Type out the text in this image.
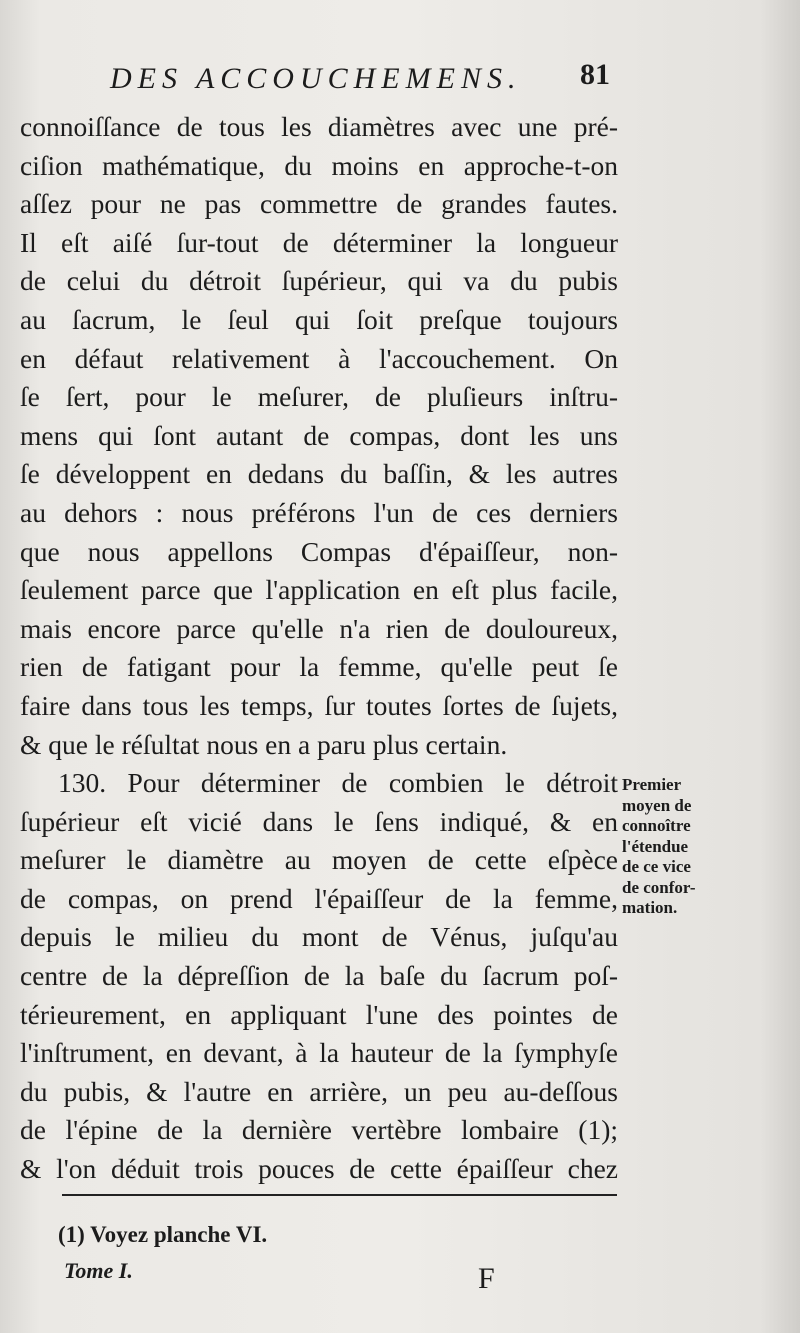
DES ACCOUCHEMENS. 81
connoiſſance de tous les diamètres avec une pré-
ciſion mathématique, du moins en approche-t-on
aſſez pour ne pas commettre de grandes fautes.
Il eſt aiſé ſur-tout de déterminer la longueur
de celui du détroit ſupérieur, qui va du pubis
au ſacrum, le ſeul qui ſoit preſque toujours
en défaut relativement à l'accouchement. On
ſe ſert, pour le meſurer, de pluſieurs inſtru-
mens qui ſont autant de compas, dont les uns
ſe développent en dedans du baſſin, & les autres
au dehors : nous préférons l'un de ces derniers
que nous appellons Compas d'épaiſſeur, non-
ſeulement parce que l'application en eſt plus facile,
mais encore parce qu'elle n'a rien de douloureux,
rien de fatigant pour la femme, qu'elle peut ſe
faire dans tous les temps, ſur toutes ſortes de ſujets,
& que le réſultat nous en a paru plus certain.
130. Pour déterminer de combien le détroit
ſupérieur eſt vicié dans le ſens indiqué, & en
meſurer le diamètre au moyen de cette eſpèce
de compas, on prend l'épaiſſeur de la femme,
depuis le milieu du mont de Vénus, juſqu'au
centre de la dépreſſion de la baſe du ſacrum poſ-
térieurement, en appliquant l'une des pointes de
l'inſtrument, en devant, à la hauteur de la ſymphyſe
du pubis, & l'autre en arrière, un peu au-deſſous
de l'épine de la dernière vertèbre lombaire (1);
& l'on déduit trois pouces de cette épaiſſeur chez
Premier
moyen de
connoître
l'étendue
de ce vice
de confor-
mation.
(1) Voyez planche VI.
Tome I.	F
